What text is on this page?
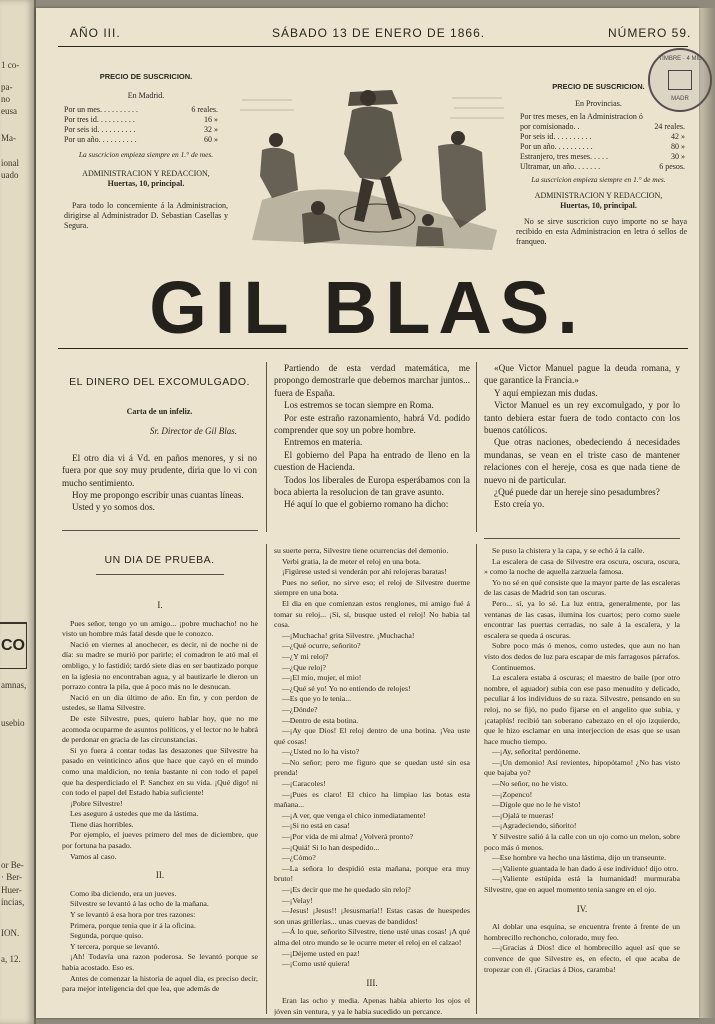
1 co-
pa-
no
eusa
Ma-
ional
uado
CO
amnas,
usebio
or Be-
· Ber-
Huer-
íncias,
ION.
a, 12.
AÑO III.	SÁBADO 13 DE ENERO DE 1866.	NÚMERO 59.
PRECIO DE SUSCRICION.
En Madrid.
Por un mes. . . . . . . . . .	6 reales.
Por tres id. . . . . . . . . .	16 »
Por seis id. . . . . . . . . .	32 »
Por un año. . . . . . . . . .	60 »
La suscricion empieza siempre en 1.° de mes.
ADMINISTRACION Y REDACCION,
Huertas, 10, principal.
Para todo lo concerniente á la Administracion, dirigirse al Administrador D. Sebastian Casellas y Segura.
PRECIO DE SUSCRICION.
En Provincias.
Por tres meses, en la Administracion ó por comisionado. .	24 reales.
Por seis id. . . . . . . . . .	42 »
Por un año. . . . . . . . . .	80 »
Estranjero, tres meses. . . . .	30 »
Ultramar, un año. . . . . . .	6 pesos.
La suscricion empieza siempre en 1.° de mes.
ADMINISTRACION Y REDACCION,
Huertas, 10, principal.
No se sirve suscricion cuyo importe no se haya recibido en esta Administracion en letra ó sellos de franqueo.
TIMBRE · 4 MIL
MADR
GIL BLAS.
EL DINERO DEL EXCOMULGADO.
Carta de un infeliz.
Sr. Director de Gil Blas.

El otro dia vi á Vd. en paños menores, y si no fuera por que soy muy prudente, diria que lo vi con mucho sentimiento.

Hoy me propongo escribir unas cuantas líneas.

Usted y yo somos dos.

Partiendo de esta verdad matemática, me propongo demostrarle que debemos marchar juntos... fuera de España.

Los estremos se tocan siempre en Roma.

Por este estraño razonamiento, habrá Vd. podido comprender que soy un pobre hombre.

Entremos en materia.

El gobierno del Papa ha entrado de lleno en la cuestion de Hacienda.

Todos los liberales de Europa esperábamos con la boca abierta la resolucion de tan grave asunto.

Hé aquí lo que el gobierno romano ha dicho:

«Que Victor Manuel pague la deuda romana, y que garantice la Francia.»

Y aquí empiezan mis dudas.

Victor Manuel es un rey excomulgado, y por lo tanto debiera estar fuera de todo contacto con los buenos católicos.

Que otras naciones, obedeciendo á necesidades mundanas, se vean en el triste caso de mantener relaciones con el hereje, cosa es que nada tiene de nuevo ni de particular.

¿Qué puede dar un hereje sino pesadumbres?

Esto creía yo.

UN DIA DE PRUEBA.

I.

Pues señor, tengo yo un amigo... ¡pobre muchacho! no he visto un hombre más fatal desde que le conozco.

Nació en viernes al anochecer, es decir, ni de noche ni de día: su madre se murió por parirle; el comadron le ató mal el ombligo, y lo fastidió; tardó siete dias en ser bautizado porque en la iglesia no encontraban agua, y al bautizarle le dieron un porrazo contra la pila, que á poco más no le desnucan.

Nació en un dia último de año. En fin, y con perdon de ustedes, se llama Silvestre.

De este Silvestre, pues, quiero hablar hoy, que no me acomoda ocuparme de asuntos políticos, y el lector no le habrá de perdonar en gracia de las circunstancias.

Si yo fuera á contar todas las desazones que Silvestre ha pasado en veinticinco años que hace que cayó en el mundo como una maldicion, no tenia bastante ni con todo el papel que ha desperdiciado el P. Sanchez en su vida. ¡Qué digo! ni con todo el papel del Estado habia suficiente!

¡Pobre Silvestre!

Les aseguro á ustedes que me da lástima.

Tiene dias horribles.

Por ejemplo, el jueves primero del mes de diciembre, que por fortuna ha pasado.

Vamos al caso.

II.

Como iba diciendo, era un jueves.

Silvestre se levantó á las ocho de la mañana.

Y se levantó á esa hora por tres razones:

Primera, porque tenia que ir á la oficina.

Segunda, porque quiso.

Y tercera, porque se levantó.

¡Ah! Todavía una razon poderosa. Se levantó porque se habia acostado. Eso es.

Antes de comenzar la historia de aquel dia, es preciso decir, para mejor inteligencia del que lea, que además de

su suerte perra, Silvestre tiene ocurrencias del demonio.

Verbi gratia, la de meter el reloj en una bota.

¡Figúrese usted si venderán por ahí relojeras baratas!

Pues no señor, no sirve eso; el reloj de Silvestre duerme siempre en una bota.

El dia en que comienzan estos renglones, mi amigo fué á tomar su reloj... ¡Si, sí, busque usted el reloj! No habia tal cosa.

—¡Muchacha! grita Silvestre. ¡Muchacha!

—¿Qué ocurre, señorito?

—¿Y mi reloj?

—¿Que reloj?

—¡El mio, mujer, el mio!

—¿Qué sé yo! Yo no entiendo de relojes!

—Es que yo le tenia...

—¿Dónde?

—Dentro de esta botina.

—¡Ay que Dios! El reloj dentro de una botina. ¡Vea uste qué cosas!

—¿Usted no lo ha visto?

—No señor; pero me figuro que se quedan usté sin esa prenda!

—¡Caracoles!

—¡Pues es claro! El chico ha limpiao las botas esta mañana...

—¡A ver, que venga el chico inmediatamente!

—¡Si no está en casa!

—¡Por vida de mi alma! ¿Volverá pronto?

—¡Quiá! Si lo han despedido...

—¿Cómo?

—La señora lo despidió esta mañana, porque era muy bruto!

—¡Es decir que me he quedado sin reloj?

—¡Velay!

—Jesus! ¡Jesus!! ¡Jesusmaría!! Estas casas de huespedes son unas grillerías... unas cuevas de bandidos!

—Á lo que, señorito Silvestre, tiene usté unas cosas! ¡A qué alma del otro mundo se le ocurre meter el reloj en el calzao!

—¡Déjeme usted en paz!

—¡Como usté quiera!

III.

Eran las ocho y media. Apenas habia abierto los ojos el jóven sin ventura, y ya le habia sucedido un percance.

Se puso la chistera y la capa, y se echó á la calle.

La escalera de casa de Silvestre era oscura, oscura, oscura, » como la noche de aquella zarzuela famosa.

Yo no sé en qué consiste que la mayor parte de las escaleras de las casas de Madrid son tan oscuras.

Pero... sí, ya lo sé. La luz entra, generalmente, por las ventanas de las casas, ilumina los cuartos; pero como suele encontrar las puertas cerradas, no sale á la escalera, y la escalera se queda á oscuras.

Sobre poco más ó menos, como ustedes, que aun no han visto dos dedos de luz para escapar de mis farragosos párrafos.

Continuemos.

La escalera estaba á oscuras; el maestro de baile (por otro nombre, el aguador) subia con ese paso menudito y delicado, peculiar á los individuos de su raza. Silvestre, pensando en su reloj, no se fijó, no pudo fijarse en el angelito que subia, y ¡cataplús! recibió tan soberano cabezazo en el ojo izquierdo, que le hizo esclamar en una interjeccion de esas que se usan hace mucho tiempo.

—¡Ay, señorita! perdóneme.

—¡Un demonio! Así revientes, hipopótamo! ¿No has visto que bajaba yo?

—No señor, no he visto.

—¡Zopenco!

—Dígole que no le he visto!

—¡Ojalá te mueras!

—¡Agradeciendo, siñorito!

Y Silvestre salió á la calle con un ojo como un melon, sobre poco más ó menos.

—Ese hombre va hecho una lástima, dijo un transeunte.

—¡Valiente guantada le han dado á ese individuo! dijo otro.

—¡Valiente estúpida está la humanidad! murmuraba Silvestre, que en aquel momento tenia sangre en el ojo.

IV.

Al doblar una esquina, se encuentra frente á frente de un hombrecillo rechoncho, colorado, muy feo.

—¡Gracias á Dios! dice el hombrecillo aquel así que se convence de que Silvestre es, en efecto, el que acaba de tropezar con él. ¡Gracias á Dios, caramba!
